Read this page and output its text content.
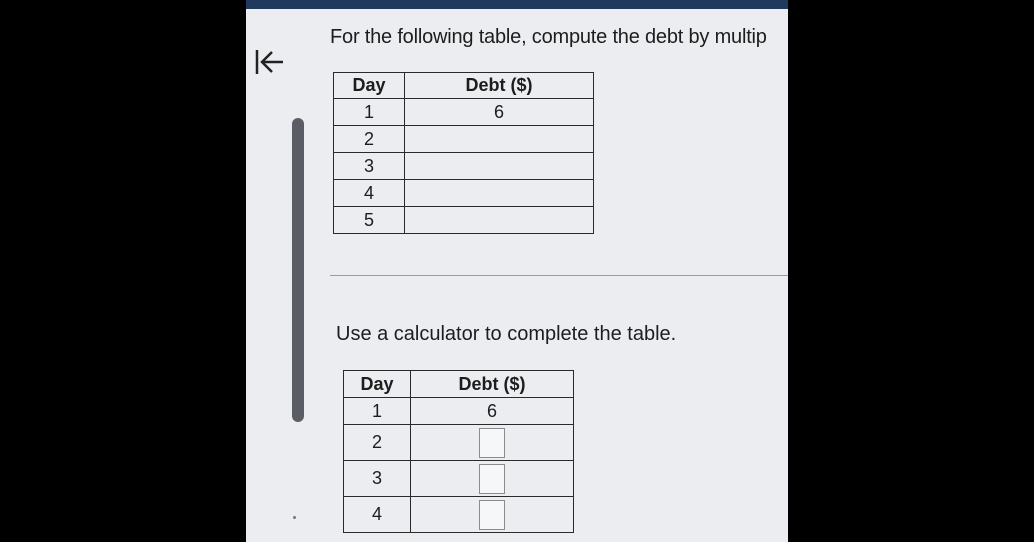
For the following table, compute the debt by multip
Day	Debt ($)
1	6
2	
3	
4	
5	
Use a calculator to complete the table.
Day	Debt ($)
1	6
2	
3	
4	
